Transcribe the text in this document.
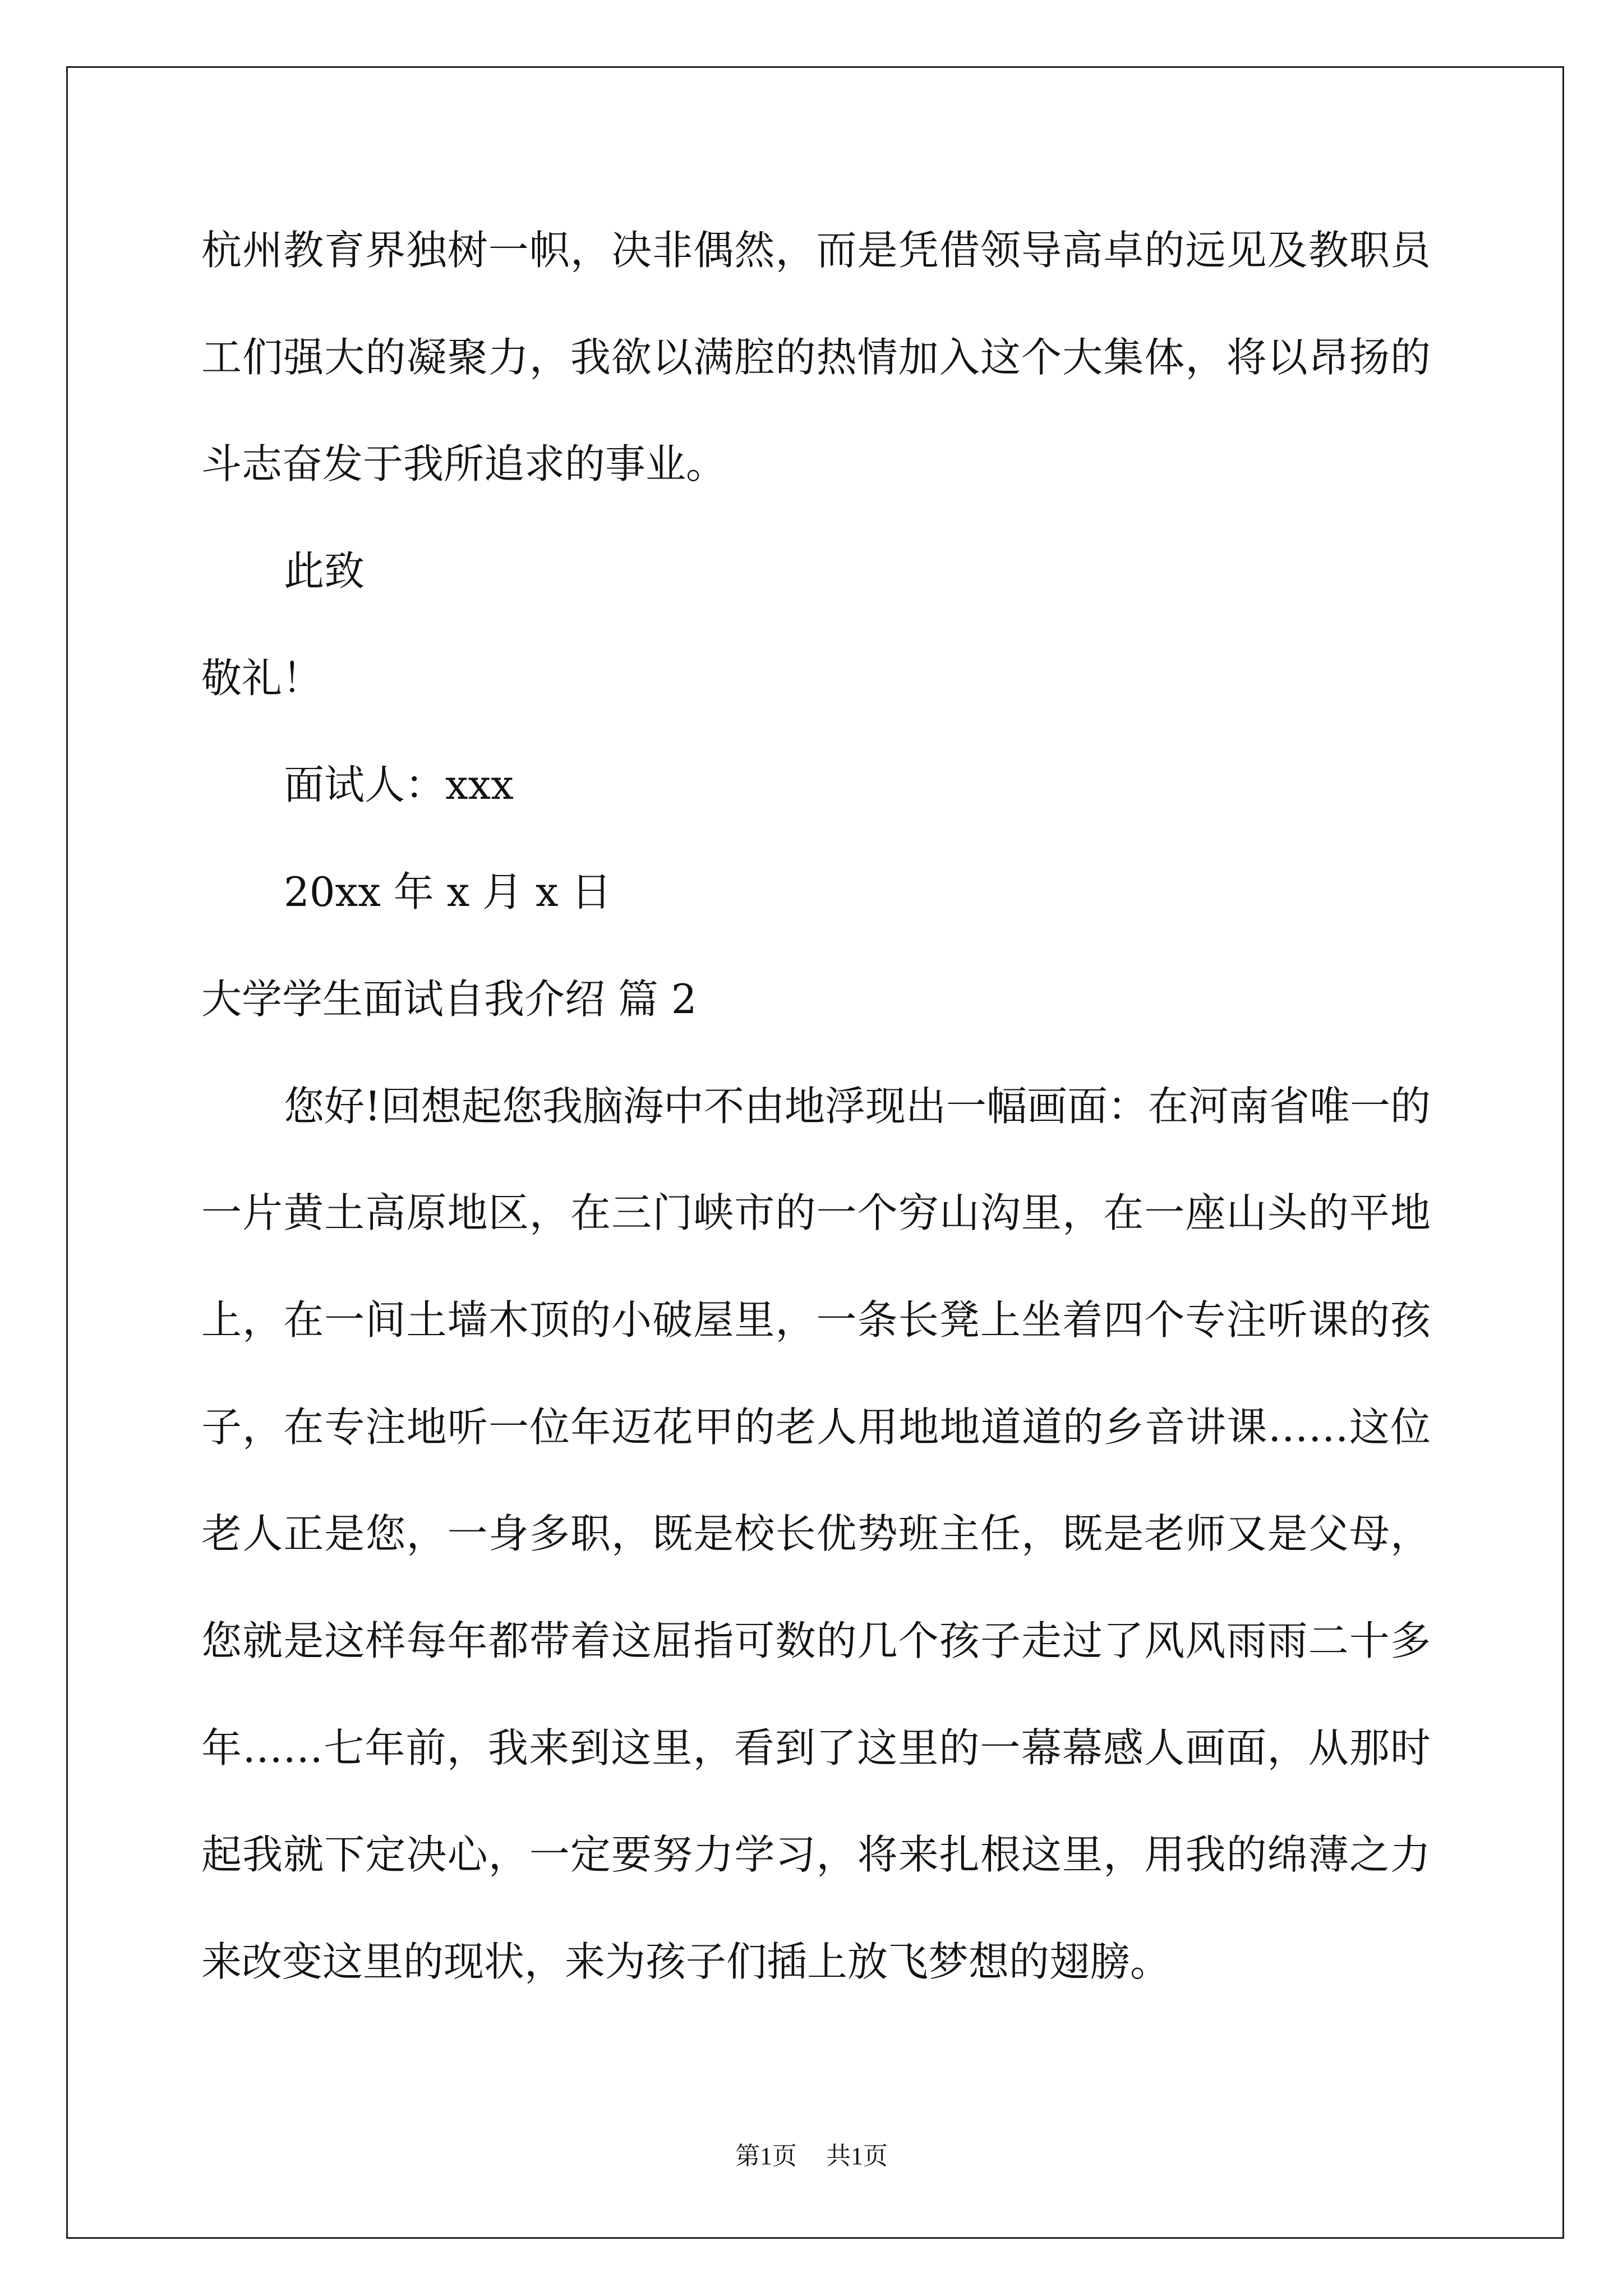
杭州教育界独树一帜，决非偶然，而是凭借领导高卓的远见及教职员
工们强大的凝聚力，我欲以满腔的热情加入这个大集体，将以昂扬的
斗志奋发于我所追求的事业。
此致
敬礼！
面试人：xxx
20xx 年 x 月 x 日
大学学生面试自我介绍 篇 2
您好!回想起您我脑海中不由地浮现出一幅画面：在河南省唯一的
一片黄土高原地区，在三门峡市的一个穷山沟里，在一座山头的平地
上，在一间土墙木顶的小破屋里，一条长凳上坐着四个专注听课的孩
子，在专注地听一位年迈花甲的老人用地地道道的乡音讲课……这位
老人正是您，一身多职，既是校长优势班主任，既是老师又是父母，
您就是这样每年都带着这屈指可数的几个孩子走过了风风雨雨二十多
年……七年前，我来到这里，看到了这里的一幕幕感人画面，从那时
起我就下定决心，一定要努力学习，将来扎根这里，用我的绵薄之力
来改变这里的现状，来为孩子们插上放飞梦想的翅膀。
第1页 共1页
